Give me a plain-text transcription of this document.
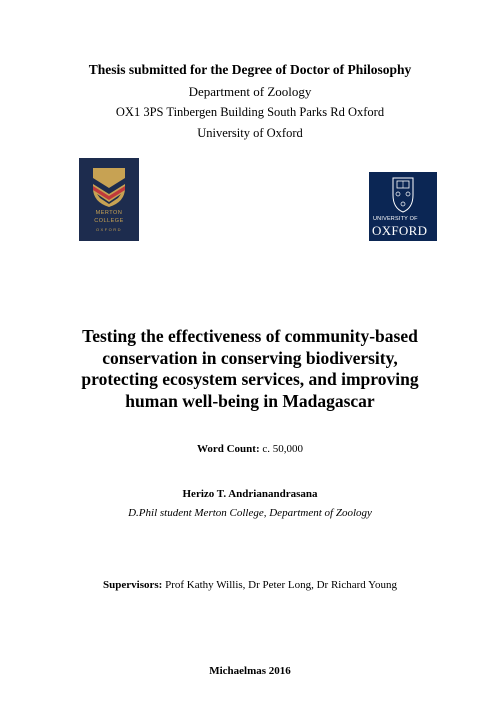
Thesis submitted for the Degree of Doctor of Philosophy
Department of Zoology
OX1 3PS Tinbergen Building South Parks Rd Oxford
University of Oxford
MERTON
COLLEGE
OXFORD
UNIVERSITY OF
OXFORD
Testing the effectiveness of community-based
conservation in conserving biodiversity,
protecting ecosystem services, and improving
human well-being in Madagascar
Word Count: c. 50,000
Herizo T. Andrianandrasana
D.Phil student Merton College, Department of Zoology
Supervisors: Prof Kathy Willis, Dr Peter Long, Dr Richard Young
Michaelmas 2016
